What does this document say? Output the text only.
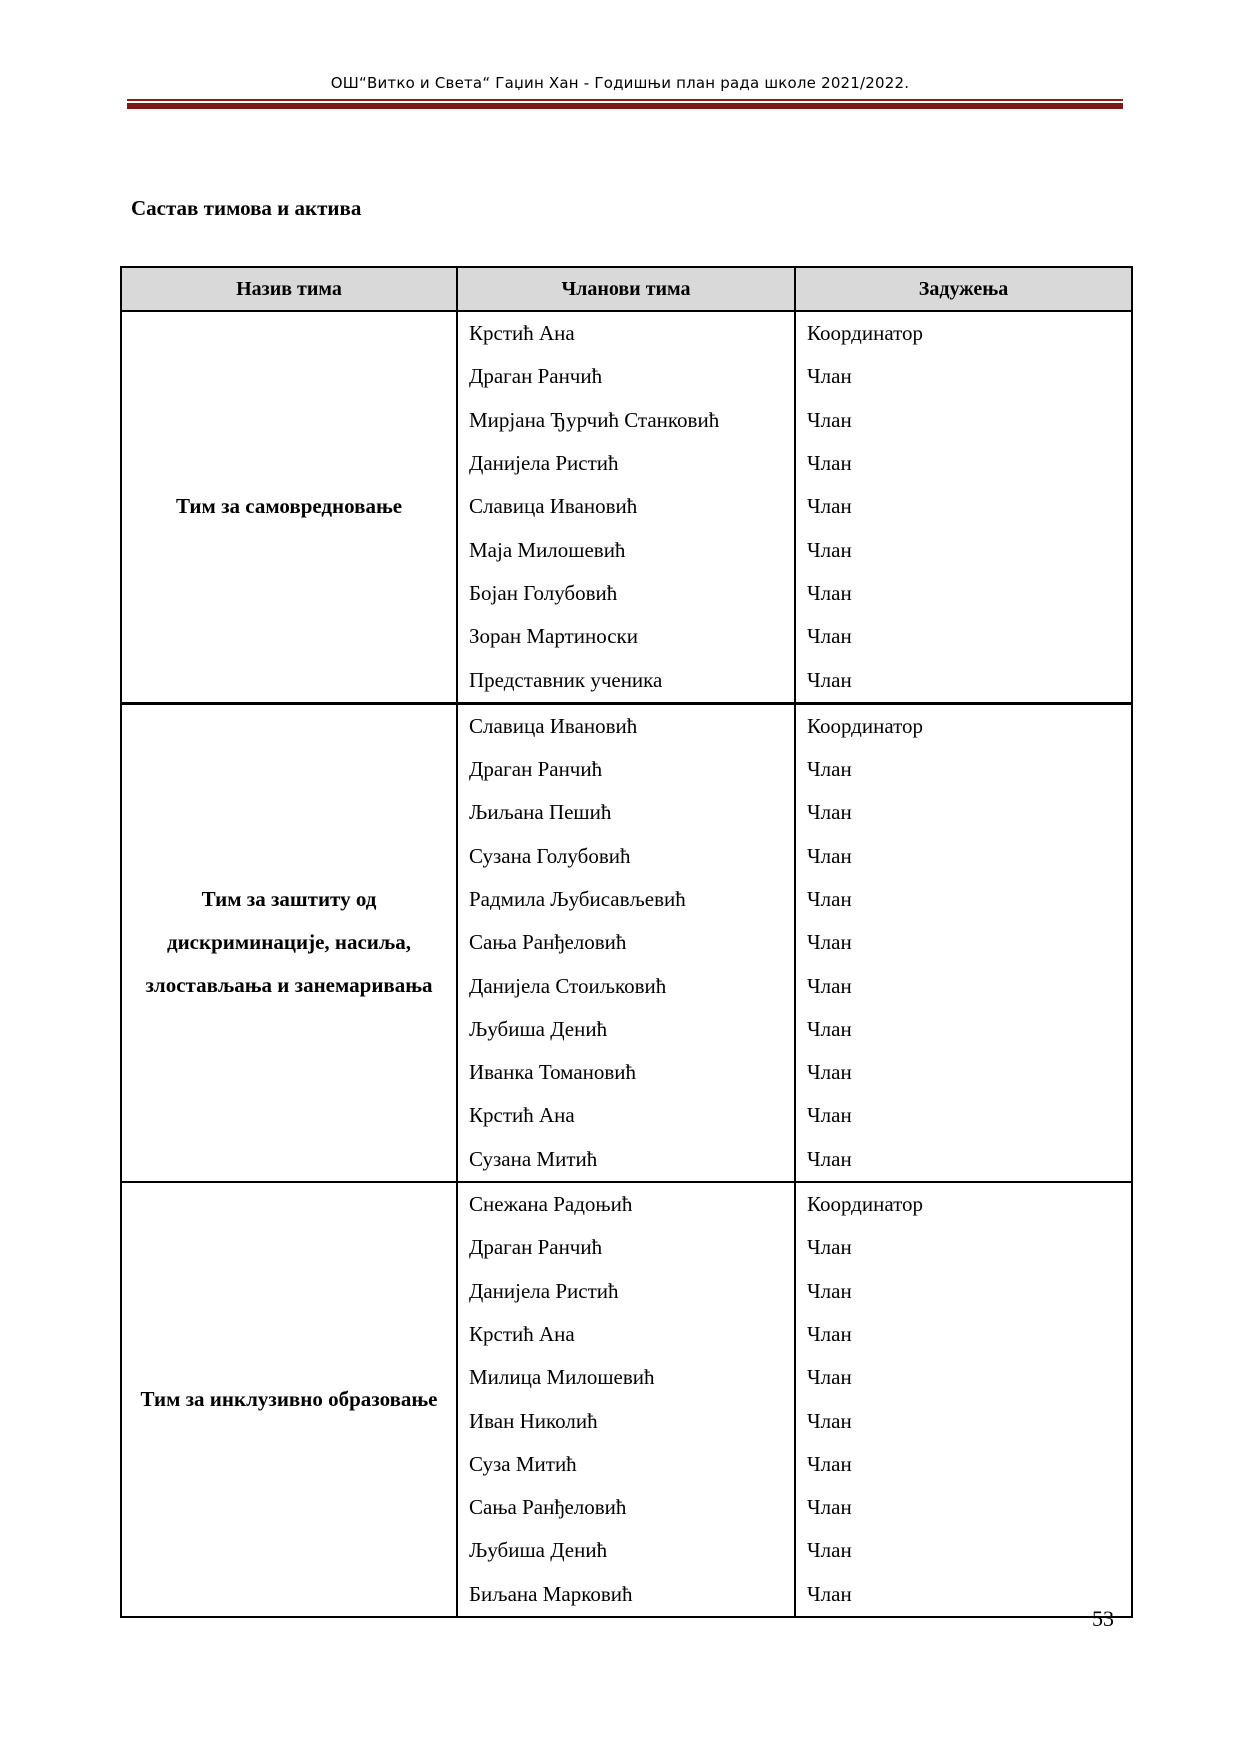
ОШ“Витко и Света“ Гаџин Хан - Годишњи план рада школе 2021/2022.
Састав тимова и актива
Назив тима	Чланови тима	Задужења
Тим за самовредновање	Крстић Ана	Координатор
	Драган Ранчић	Члан
	Мирјана Ђурчић Станковић	Члан
	Данијела Ристић	Члан
	Славица Ивановић	Члан
	Маја Милошевић	Члан
	Бојан Голубовић	Члан
	Зоран Мартиноски	Члан
	Представник ученика	Члан
Тим за заштиту од дискриминације, насиља, злостављања и занемаривања	Славица Ивановић	Координатор
	Драган Ранчић	Члан
	Љиљана Пешић	Члан
	Сузана Голубовић	Члан
	Радмила Љубисављевић	Члан
	Сања Ранђеловић	Члан
	Данијела Стоиљковић	Члан
	Љубиша Денић	Члан
	Иванка Томановић	Члан
	Крстић Ана	Члан
	Сузана Митић	Члан
Тим за инклузивно образовање	Снежана Радоњић	Координатор
	Драган Ранчић	Члан
	Данијела Ристић	Члан
	Крстић Ана	Члан
	Милица Милошевић	Члан
	Иван Николић	Члан
	Суза Митић	Члан
	Сања Ранђеловић	Члан
	Љубиша Денић	Члан
	Биљана Марковић	Члан
53
